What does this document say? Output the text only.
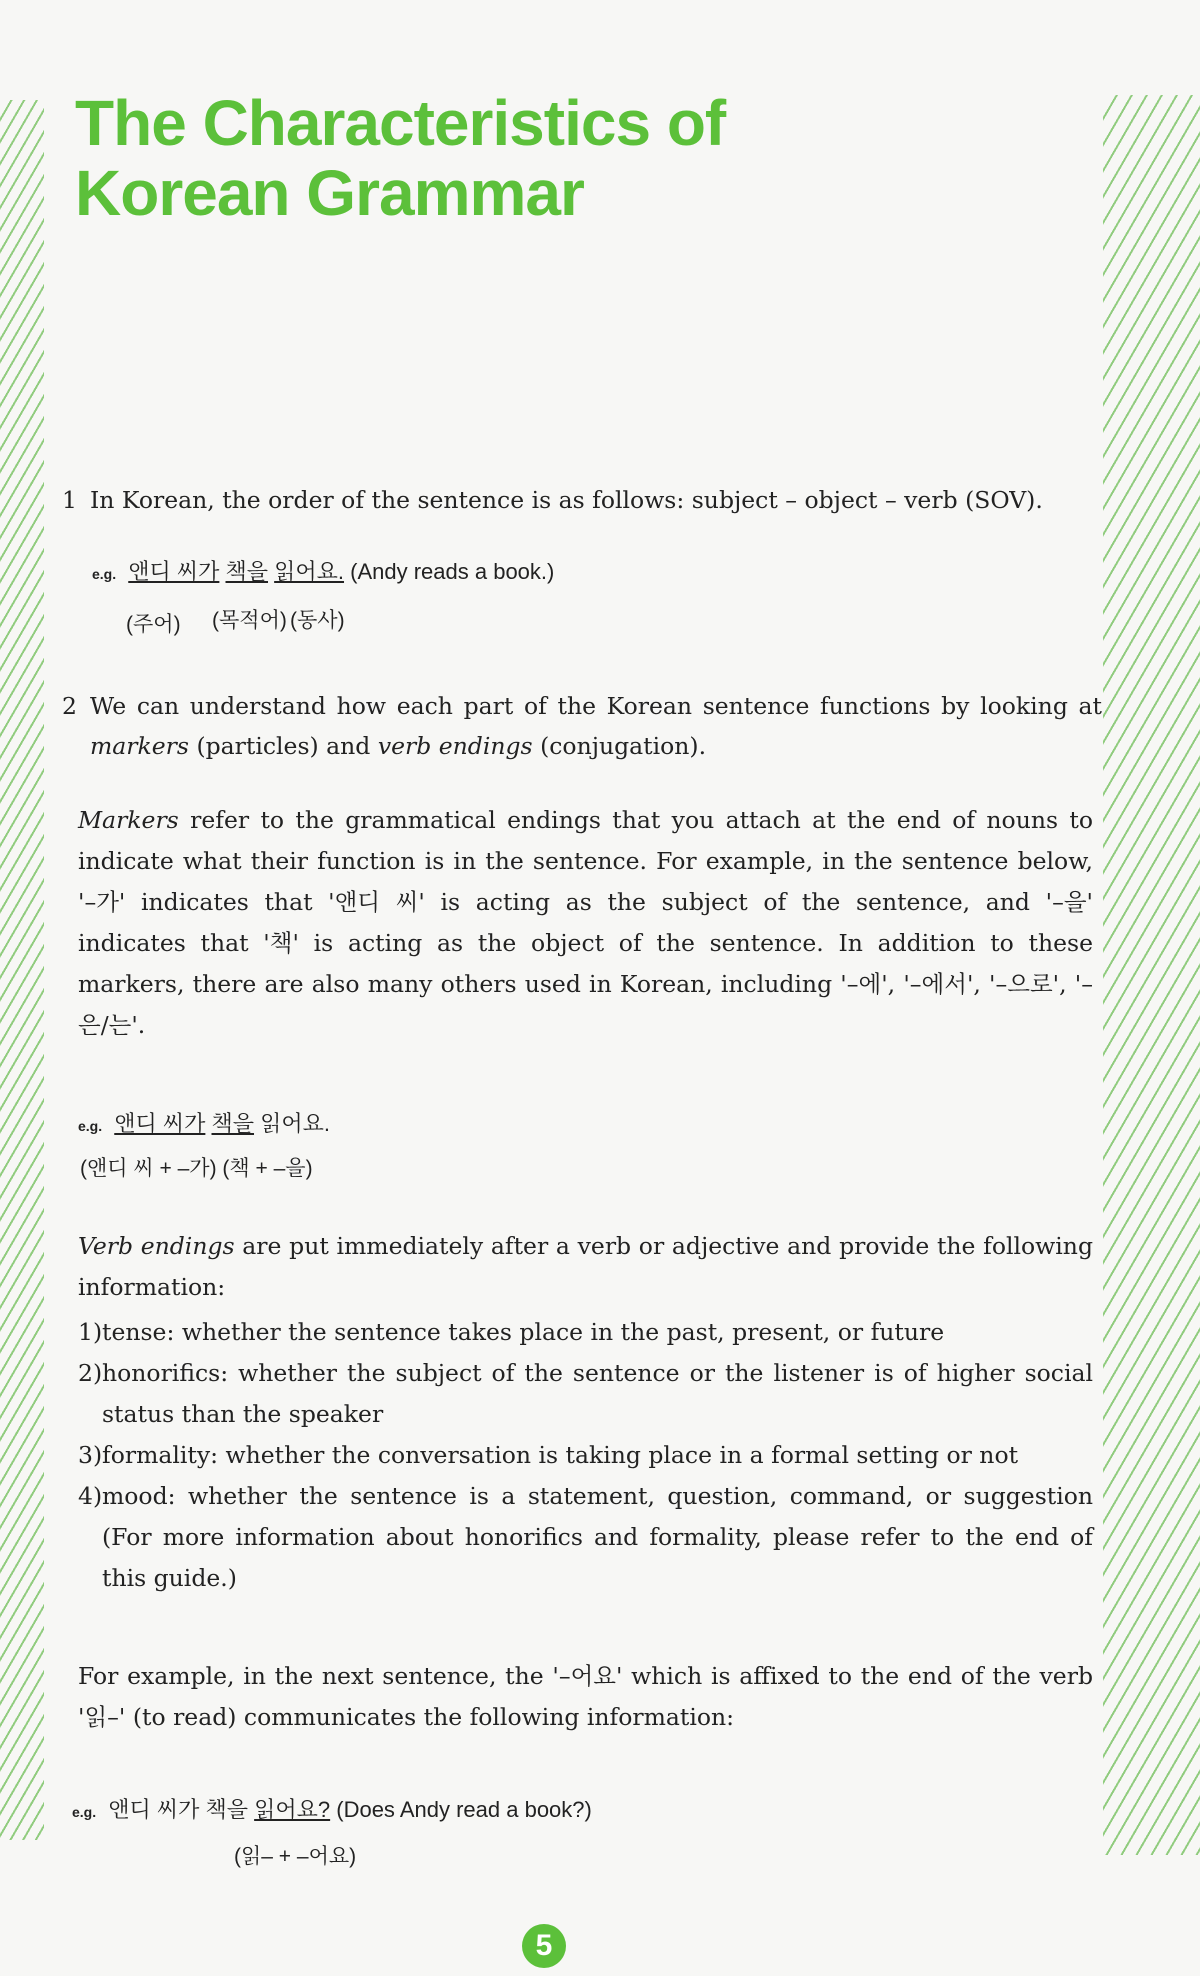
The Characteristics of
Korean Grammar
1 In Korean, the order of the sentence is as follows: subject – object – verb (SOV).
e.g. 앤디 씨가 책을 읽어요. (Andy reads a book.)
(주어) (목적어) (동사)
2 We can understand how each part of the Korean sentence functions by looking at markers (particles) and verb endings (conjugation).
Markers refer to the grammatical endings that you attach at the end of nouns to indicate what their function is in the sentence. For example, in the sentence below, '–가' indicates that '앤디 씨' is acting as the subject of the sentence, and '–을' indicates that '책' is acting as the object of the sentence. In addition to these markers, there are also many others used in Korean, including '–에', '–에서', '–으로', '–은/는'.
e.g. 앤디 씨가 책을 읽어요.
(앤디 씨 + –가) (책 + –을)
Verb endings are put immediately after a verb or adjective and provide the following information:
1) tense: whether the sentence takes place in the past, present, or future
2) honorifics: whether the subject of the sentence or the listener is of higher social status than the speaker
3) formality: whether the conversation is taking place in a formal setting or not
4) mood: whether the sentence is a statement, question, command, or suggestion (For more information about honorifics and formality, please refer to the end of this guide.)
For example, in the next sentence, the '–어요' which is affixed to the end of the verb '읽–' (to read) communicates the following information:
e.g. 앤디 씨가 책을 읽어요? (Does Andy read a book?)
(읽– + –어요)
5
